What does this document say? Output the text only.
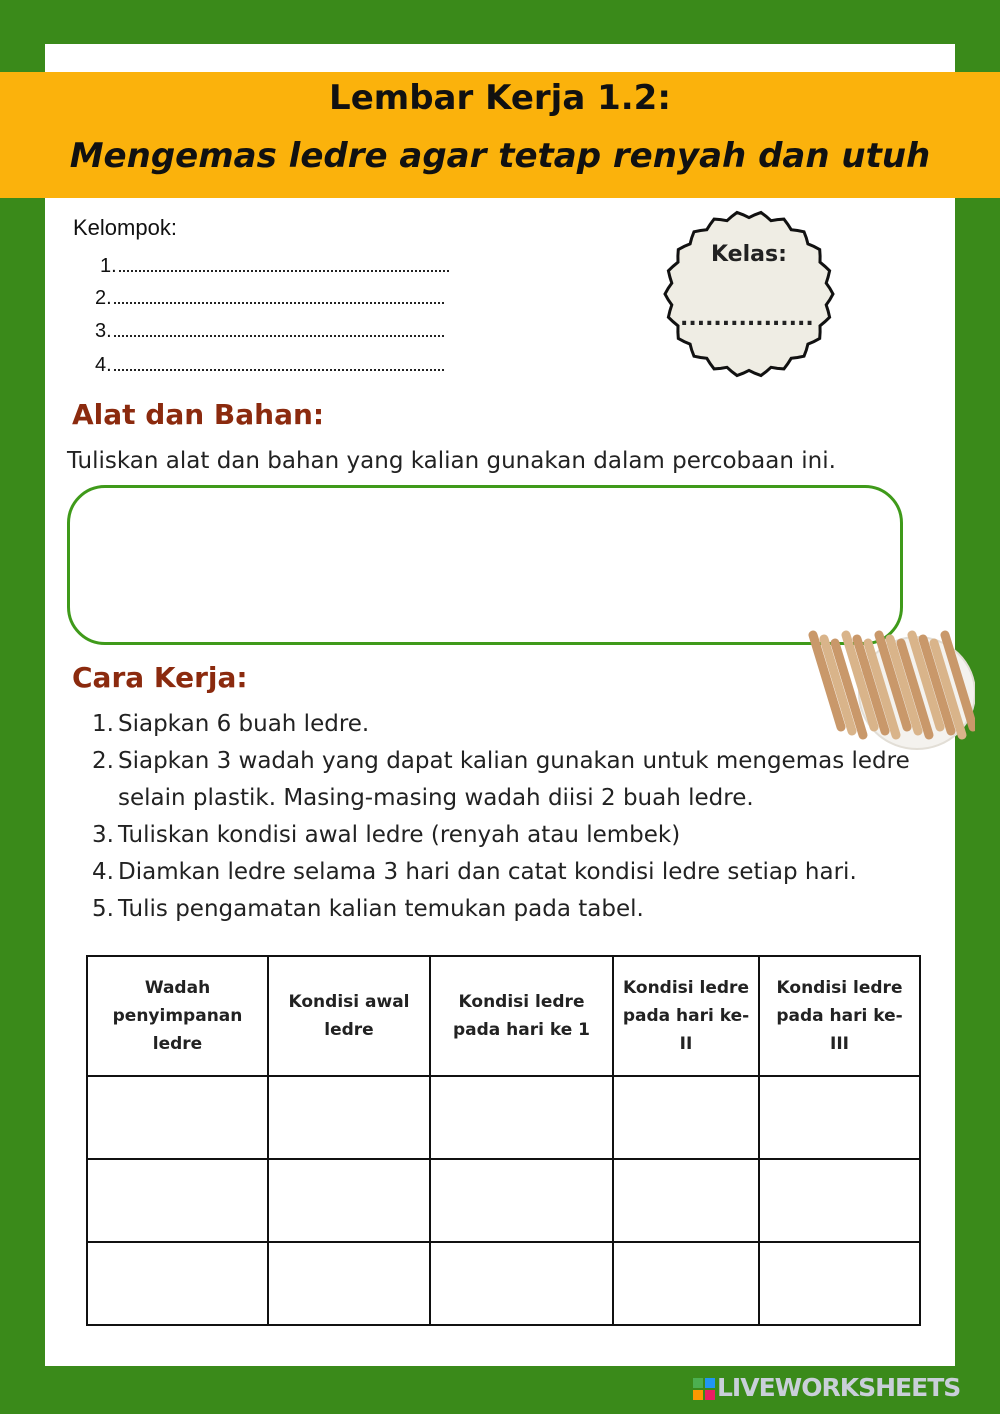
Lembar Kerja 1.2:
Mengemas ledre agar tetap renyah dan utuh
Kelompok:
1.
2.
3.
4.
Kelas:
................
Alat dan Bahan:
Tuliskan alat dan bahan yang kalian gunakan dalam percobaan ini.
Cara Kerja:
1. Siapkan 6 buah ledre.
2. Siapkan 3 wadah yang dapat kalian gunakan untuk mengemas ledre selain plastik. Masing-masing wadah diisi 2 buah ledre.
3. Tuliskan kondisi awal ledre (renyah atau lembek)
4. Diamkan ledre selama 3 hari dan catat kondisi ledre setiap hari.
5. Tulis pengamatan kalian temukan pada tabel.
Wadah penyimpanan ledre	Kondisi awal ledre	Kondisi ledre pada hari ke 1	Kondisi ledre pada hari ke-II	Kondisi ledre pada hari ke-III

LIVEWORKSHEETS
